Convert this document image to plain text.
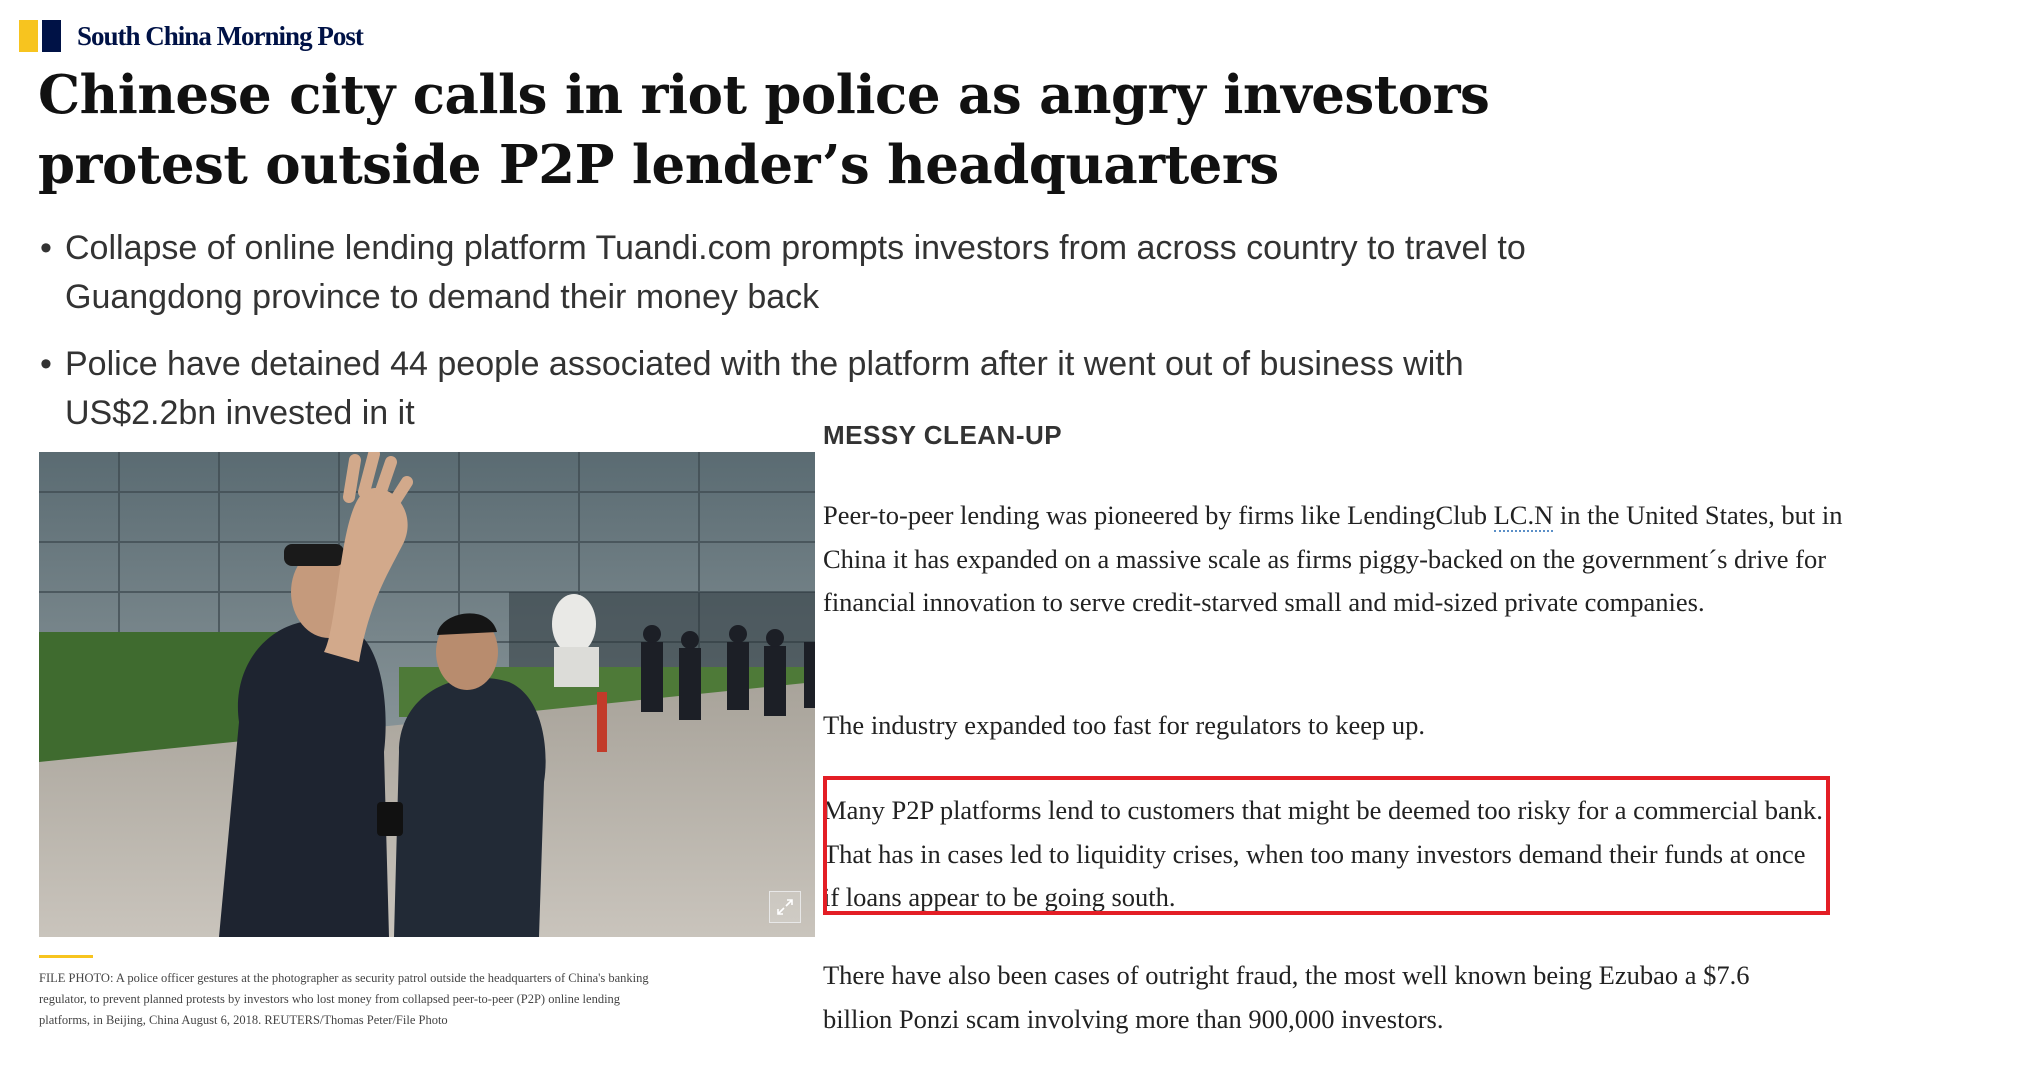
South China Morning Post
Chinese city calls in riot police as angry investors protest outside P2P lender’s headquarters
• Collapse of online lending platform Tuandi.com prompts investors from across country to travel to Guangdong province to demand their money back
• Police have detained 44 people associated with the platform after it went out of business with US$2.2bn invested in it

FILE PHOTO: A police officer gestures at the photographer as security patrol outside the headquarters of China's banking regulator, to prevent planned protests by investors who lost money from collapsed peer-to-peer (P2P) online lending platforms, in Beijing, China August 6, 2018. REUTERS/Thomas Peter/File Photo

MESSY CLEAN-UP

Peer-to-peer lending was pioneered by firms like LendingClub LC.N in the United States, but in China it has expanded on a massive scale as firms piggy-backed on the government´s drive for financial innovation to serve credit-starved small and mid-sized private companies.

The industry expanded too fast for regulators to keep up.

Many P2P platforms lend to customers that might be deemed too risky for a commercial bank. That has in cases led to liquidity crises, when too many investors demand their funds at once if loans appear to be going south.

There have also been cases of outright fraud, the most well known being Ezubao a $7.6 billion Ponzi scam involving more than 900,000 investors.
